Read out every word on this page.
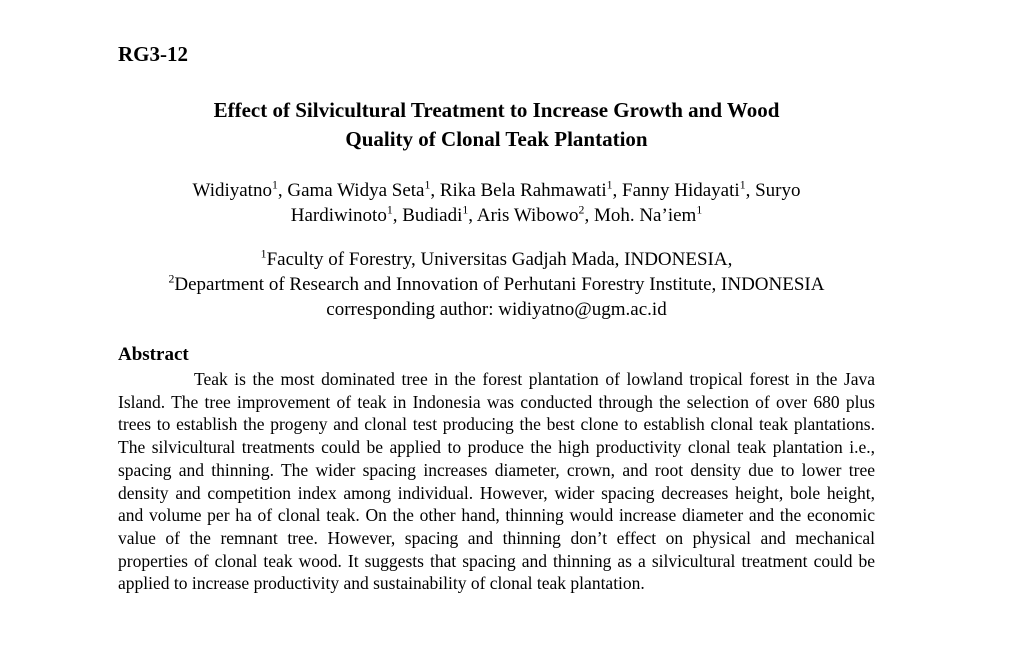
RG3-12
Effect of Silvicultural Treatment to Increase Growth and Wood
Quality of Clonal Teak Plantation
Widiyatno$^1$, Gama Widya Seta$^1$, Rika Bela Rahmawati$^1$, Fanny Hidayati$^1$, Suryo
Hardiwinoto$^1$, Budiadi$^1$, Aris Wibowo$^2$, Moh. Na’iem$^1$
$^1$Faculty of Forestry, Universitas Gadjah Mada, INDONESIA,
$^2$Department of Research and Innovation of Perhutani Forestry Institute, INDONESIA
corresponding author: widiyatno@ugm.ac.id
Abstract

Teak is the most dominated tree in the forest plantation of lowland tropical forest in the Java Island. The tree improvement of teak in Indonesia was conducted through the selection of over 680 plus trees to establish the progeny and clonal test producing the best clone to establish clonal teak plantations. The silvicultural treatments could be applied to produce the high productivity clonal teak plantation i.e., spacing and thinning. The wider spacing increases diameter, crown, and root density due to lower tree density and competition index among individual. However, wider spacing decreases height, bole height, and volume per ha of clonal teak. On the other hand, thinning would increase diameter and the economic value of the remnant tree. However, spacing and thinning don’t effect on physical and mechanical properties of clonal teak wood. It suggests that spacing and thinning as a silvicultural treatment could be applied to increase productivity and sustainability of clonal teak plantation.
